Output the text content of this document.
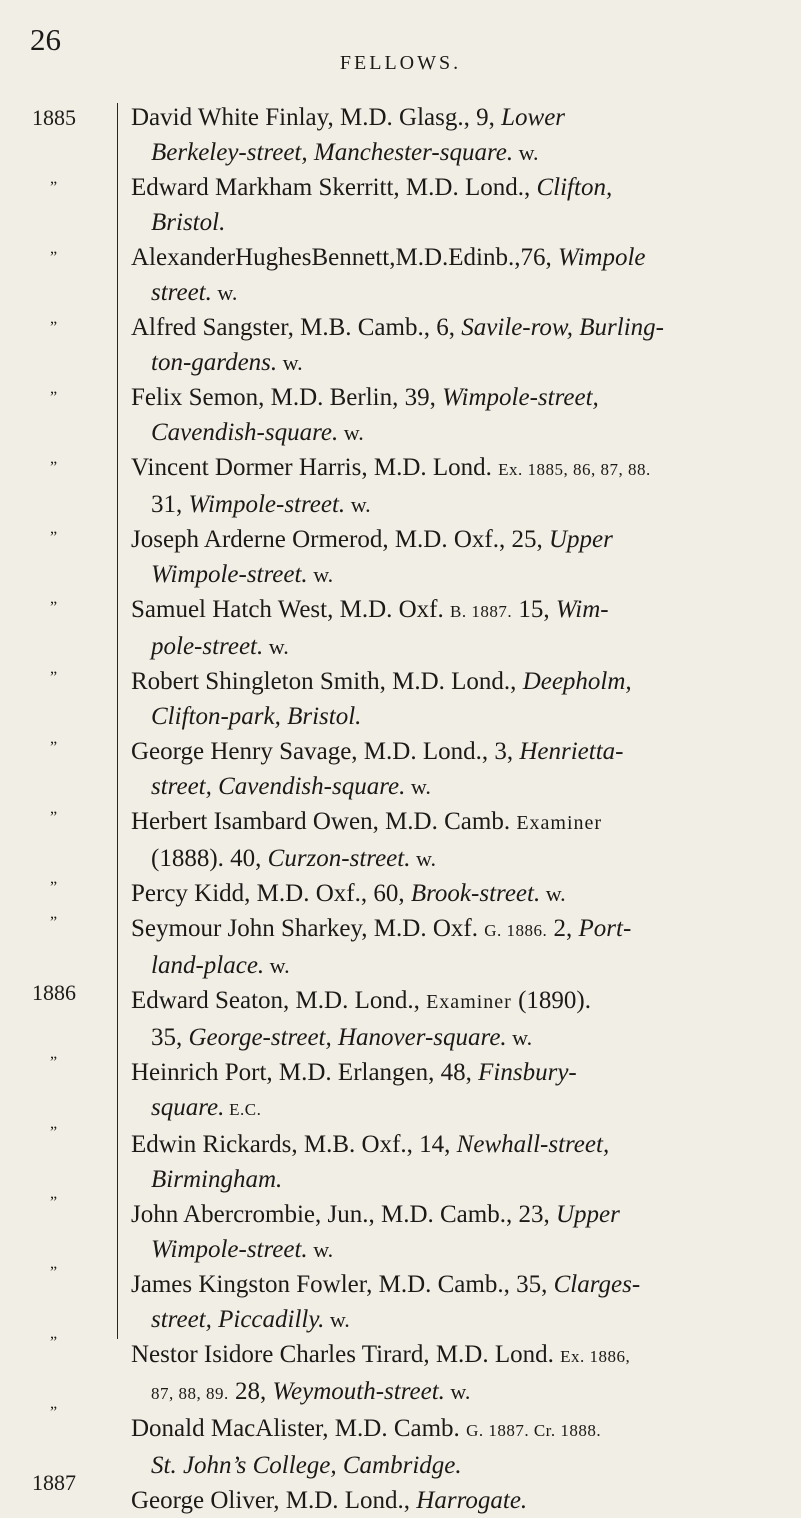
26
FELLOWS.
1885
”
”
”
”
”
”
”
”
”
”
”
”
1886
”
”
”
”
”
”
1887
David White Finlay, M.D. Glasg., 9, Lower
Berkeley-street, Manchester-square. w.
Edward Markham Skerritt, M.D. Lond., Clifton,
Bristol.
AlexanderHughesBennett,M.D.Edinb.,76, Wimpole
street. w.
Alfred Sangster, M.B. Camb., 6, Savile-row, Burling-
ton-gardens. w.
Felix Semon, M.D. Berlin, 39, Wimpole-street,
Cavendish-square. w.
Vincent Dormer Harris, M.D. Lond. Ex. 1885, 86, 87, 88.
31, Wimpole-street. w.
Joseph Arderne Ormerod, M.D. Oxf., 25, Upper
Wimpole-street. w.
Samuel Hatch West, M.D. Oxf. B. 1887. 15, Wim-
pole-street. w.
Robert Shingleton Smith, M.D. Lond., Deepholm,
Clifton-park, Bristol.
George Henry Savage, M.D. Lond., 3, Henrietta-
street, Cavendish-square. w.
Herbert Isambard Owen, M.D. Camb. Examiner
(1888). 40, Curzon-street. w.
Percy Kidd, M.D. Oxf., 60, Brook-street. w.
Seymour John Sharkey, M.D. Oxf. G. 1886. 2, Port-
land-place. w.
Edward Seaton, M.D. Lond., Examiner (1890).
35, George-street, Hanover-square. w.
Heinrich Port, M.D. Erlangen, 48, Finsbury-
square. E.C.
Edwin Rickards, M.B. Oxf., 14, Newhall-street,
Birmingham.
John Abercrombie, Jun., M.D. Camb., 23, Upper
Wimpole-street. w.
James Kingston Fowler, M.D. Camb., 35, Clarges-
street, Piccadilly. w.
Nestor Isidore Charles Tirard, M.D. Lond. Ex. 1886,
87, 88, 89. 28, Weymouth-street. w.
Donald MacAlister, M.D. Camb. G. 1887. Cr. 1888.
St. John’s College, Cambridge.
George Oliver, M.D. Lond., Harrogate.
